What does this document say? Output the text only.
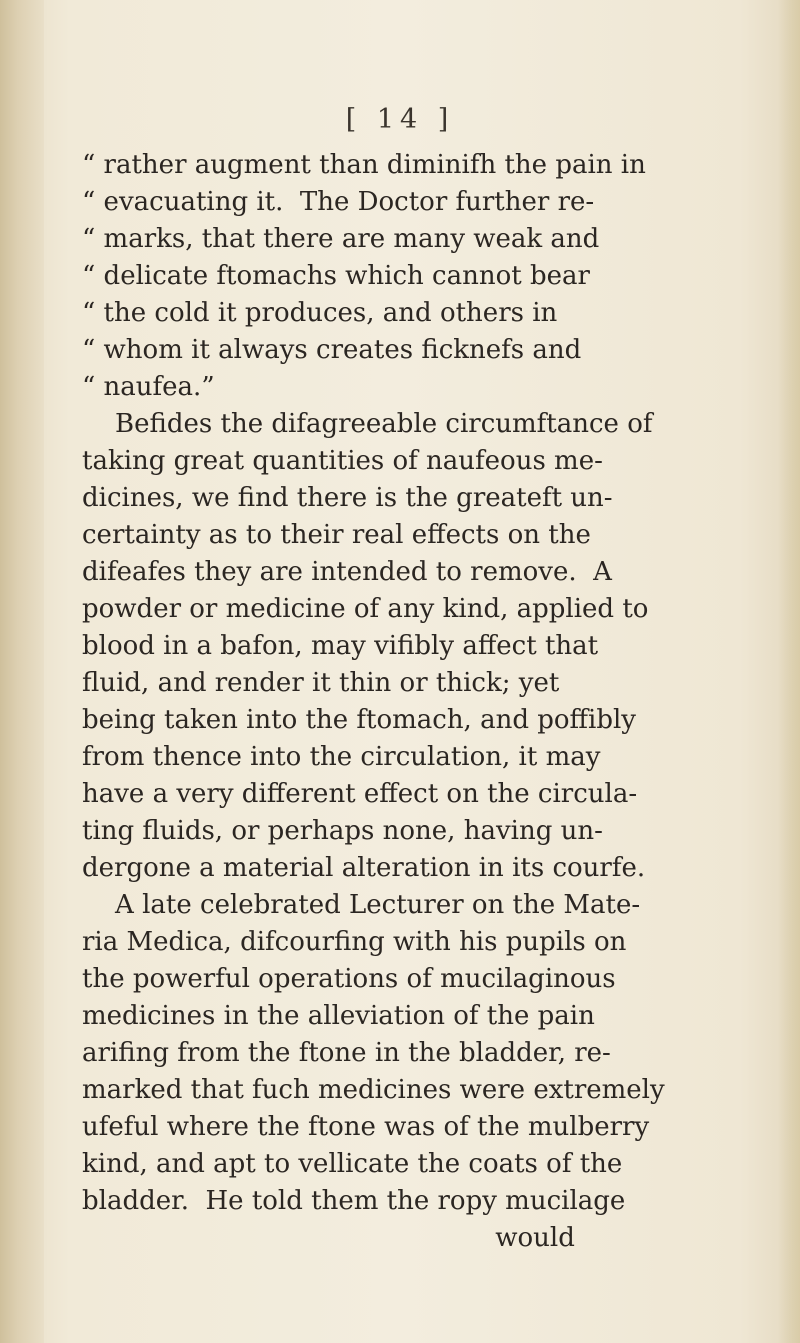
[ 14 ]
“ rather augment than diminifh the pain in
“ evacuating it.  The Doctor further re-
“ marks, that there are many weak and
“ delicate ftomachs which cannot bear
“ the cold it produces, and others in
“ whom it always creates ficknefs and
“ naufea.”
Befides the difagreeable circumftance of
taking great quantities of naufeous me-
dicines, we find there is the greateft un-
certainty as to their real effects on the
difeafes they are intended to remove.  A
powder or medicine of any kind, applied to
blood in a bafon, may vifibly affect that
fluid, and render it thin or thick; yet
being taken into the ftomach, and poffibly
from thence into the circulation, it may
have a very different effect on the circula-
ting fluids, or perhaps none, having un-
dergone a material alteration in its courfe.
A late celebrated Lecturer on the Mate-
ria Medica, difcourfing with his pupils on
the powerful operations of mucilaginous
medicines in the alleviation of the pain
arifing from the ftone in the bladder, re-
marked that fuch medicines were extremely
ufeful where the ftone was of the mulberry
kind, and apt to vellicate the coats of the
bladder.  He told them the ropy mucilage
would
